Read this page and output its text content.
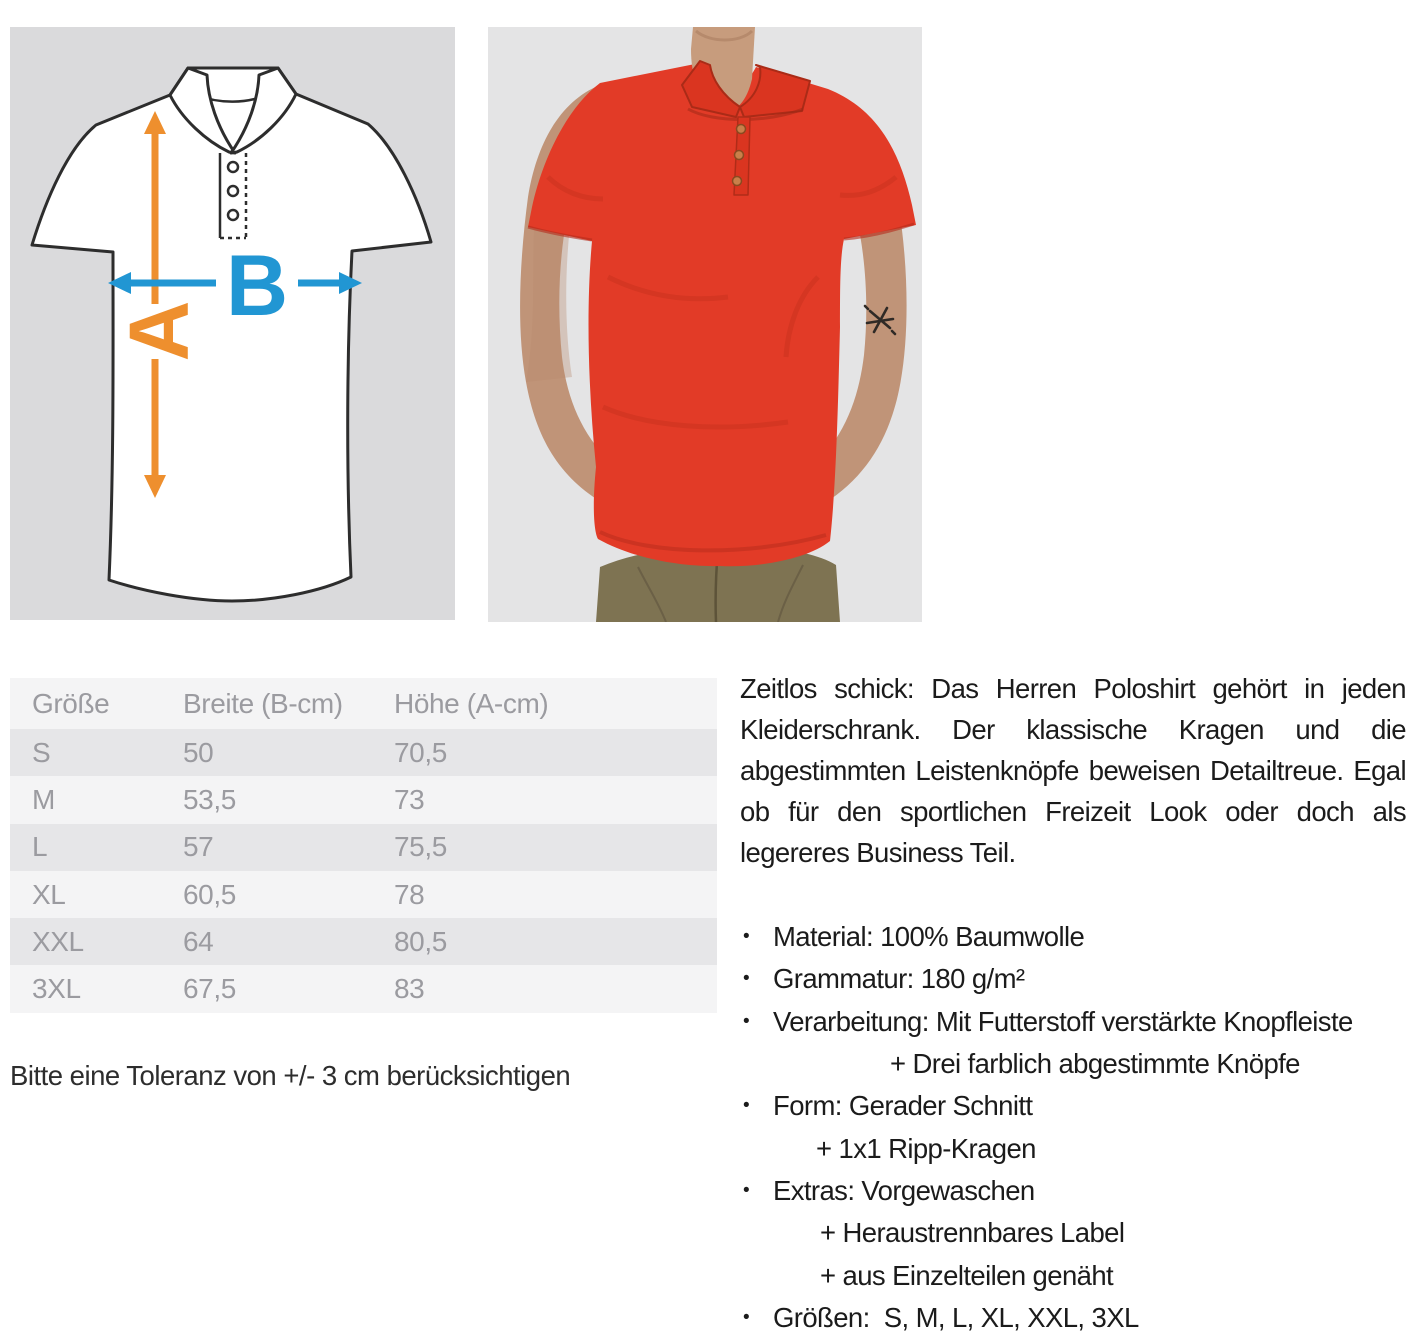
A B
Größe	Breite (B-cm)	Höhe (A-cm)
S	50	70,5
M	53,5	73
L	57	75,5
XL	60,5	78
XXL	64	80,5
3XL	67,5	83
Bitte eine Toleranz von +/- 3 cm berücksichtigen
Zeitlos schick: Das Herren Poloshirt gehört in jeden Kleiderschrank. Der klassische Kragen und die abgestimmten Leistenknöpfe beweisen Detailtreue. Egal ob für den sportlichen Freizeit Look oder doch als legereres Business Teil.
• Material: 100% Baumwolle
• Grammatur: 180 g/m²
• Verarbeitung: Mit Futterstoff verstärkte Knopfleiste
+ Drei farblich abgestimmte Knöpfe
• Form: Gerader Schnitt
+ 1x1 Ripp-Kragen
• Extras: Vorgewaschen
+ Heraustrennbares Label
+ aus Einzelteilen genäht
• Größen:  S, M, L, XL, XXL, 3XL
